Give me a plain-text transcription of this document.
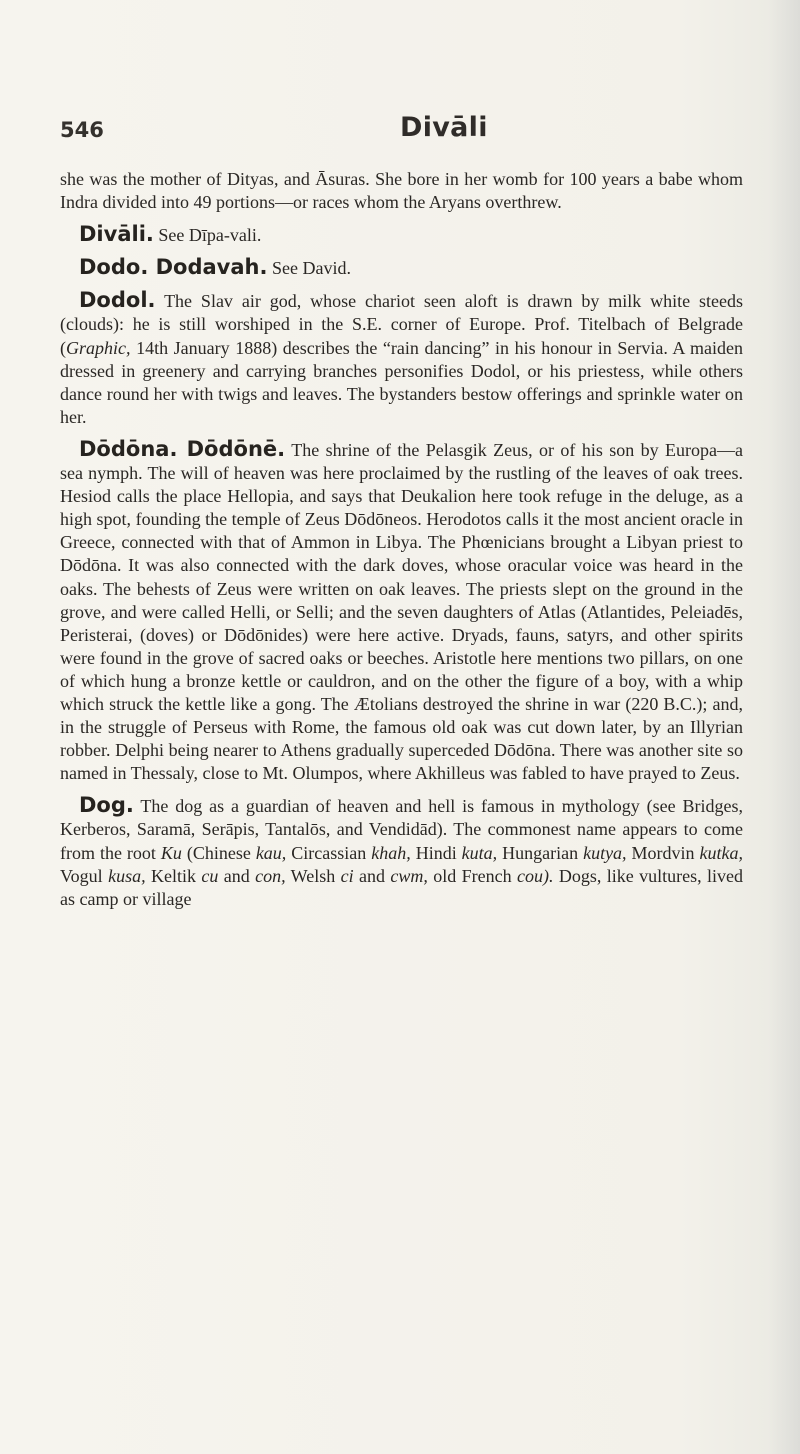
546	Divāli

she was the mother of Dityas, and Āsuras. She bore in her womb for 100 years a babe whom Indra divided into 49 portions—or races whom the Aryans overthrew.

Divāli. See Dīpa-vali.

Dodo. Dodavah. See David.

Dodol. The Slav air god, whose chariot seen aloft is drawn by milk white steeds (clouds): he is still worshiped in the S.E. corner of Europe. Prof. Titelbach of Belgrade (Graphic, 14th January 1888) describes the “rain dancing” in his honour in Servia. A maiden dressed in greenery and carrying branches personifies Dodol, or his priestess, while others dance round her with twigs and leaves. The bystanders bestow offerings and sprinkle water on her.

Dōdōna. Dōdōnē. The shrine of the Pelasgik Zeus, or of his son by Europa—a sea nymph. The will of heaven was here proclaimed by the rustling of the leaves of oak trees. Hesiod calls the place Hellopia, and says that Deukalion here took refuge in the deluge, as a high spot, founding the temple of Zeus Dōdōneos. Herodotos calls it the most ancient oracle in Greece, connected with that of Ammon in Libya. The Phœnicians brought a Libyan priest to Dōdōna. It was also connected with the dark doves, whose oracular voice was heard in the oaks. The behests of Zeus were written on oak leaves. The priests slept on the ground in the grove, and were called Helli, or Selli; and the seven daughters of Atlas (Atlantides, Peleiadēs, Peristerai, (doves) or Dōdōnides) were here active. Dryads, fauns, satyrs, and other spirits were found in the grove of sacred oaks or beeches. Aristotle here mentions two pillars, on one of which hung a bronze kettle or cauldron, and on the other the figure of a boy, with a whip which struck the kettle like a gong. The Ætolians destroyed the shrine in war (220 B.C.); and, in the struggle of Perseus with Rome, the famous old oak was cut down later, by an Illyrian robber. Delphi being nearer to Athens gradually superceded Dōdōna. There was another site so named in Thessaly, close to Mt. Olumpos, where Akhilleus was fabled to have prayed to Zeus.

Dog. The dog as a guardian of heaven and hell is famous in mythology (see Bridges, Kerberos, Saramā, Serāpis, Tantalōs, and Vendidād). The commonest name appears to come from the root Ku (Chinese kau, Circassian khah, Hindi kuta, Hungarian kutya, Mordvin kutka, Vogul kusa, Keltik cu and con, Welsh ci and cwm, old French cou). Dogs, like vultures, lived as camp or village
